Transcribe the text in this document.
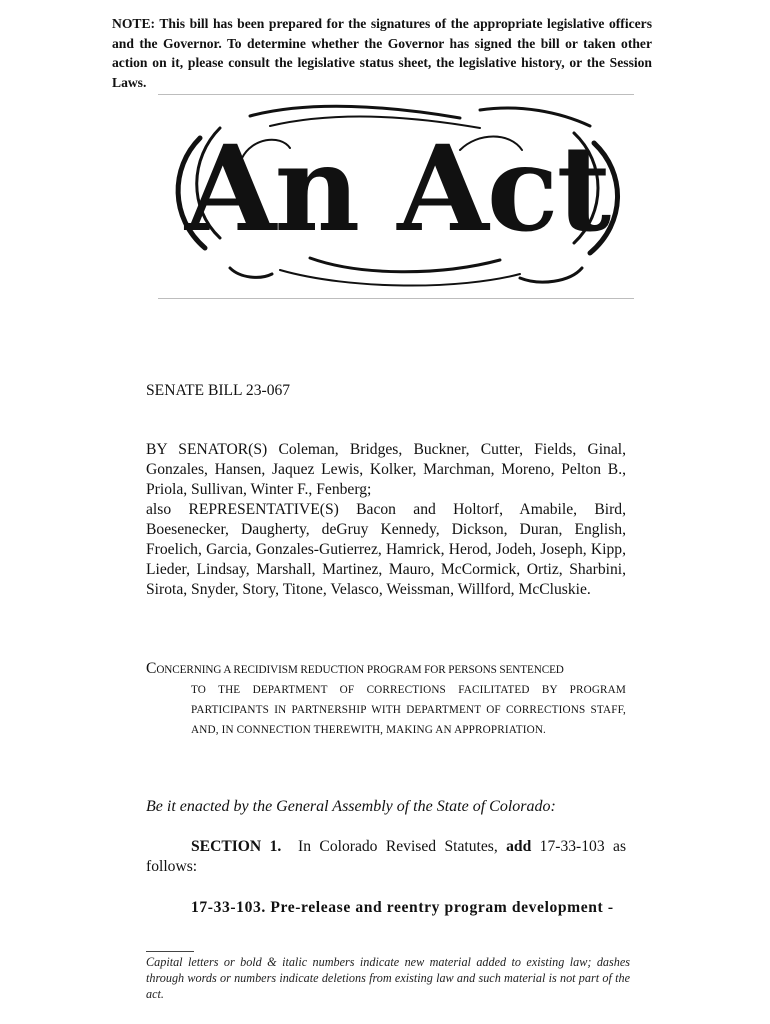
NOTE: This bill has been prepared for the signatures of the appropriate legislative officers and the Governor. To determine whether the Governor has signed the bill or taken other action on it, please consult the legislative status sheet, the legislative history, or the Session Laws.
An Act
SENATE BILL 23-067

BY SENATOR(S) Coleman, Bridges, Buckner, Cutter, Fields, Ginal, Gonzales, Hansen, Jaquez Lewis, Kolker, Marchman, Moreno, Pelton B., Priola, Sullivan, Winter F., Fenberg;

also REPRESENTATIVE(S) Bacon and Holtorf, Amabile, Bird, Boesenecker, Daugherty, deGruy Kennedy, Dickson, Duran, English, Froelich, Garcia, Gonzales-Gutierrez, Hamrick, Herod, Jodeh, Joseph, Kipp, Lieder, Lindsay, Marshall, Martinez, Mauro, McCormick, Ortiz, Sharbini, Sirota, Snyder, Story, Titone, Velasco, Weissman, Willford, McCluskie.

CONCERNING A RECIDIVISM REDUCTION PROGRAM FOR PERSONS SENTENCED
TO THE DEPARTMENT OF CORRECTIONS FACILITATED BY PROGRAM PARTICIPANTS IN PARTNERSHIP WITH DEPARTMENT OF CORRECTIONS STAFF, AND, IN CONNECTION THEREWITH, MAKING AN APPROPRIATION.
Be it enacted by the General Assembly of the State of Colorado:
SECTION 1. In Colorado Revised Statutes, add 17-33-103 as follows:
17-33-103. Pre-release and reentry program development -
Capital letters or bold & italic numbers indicate new material added to existing law; dashes through words or numbers indicate deletions from existing law and such material is not part of the act.
